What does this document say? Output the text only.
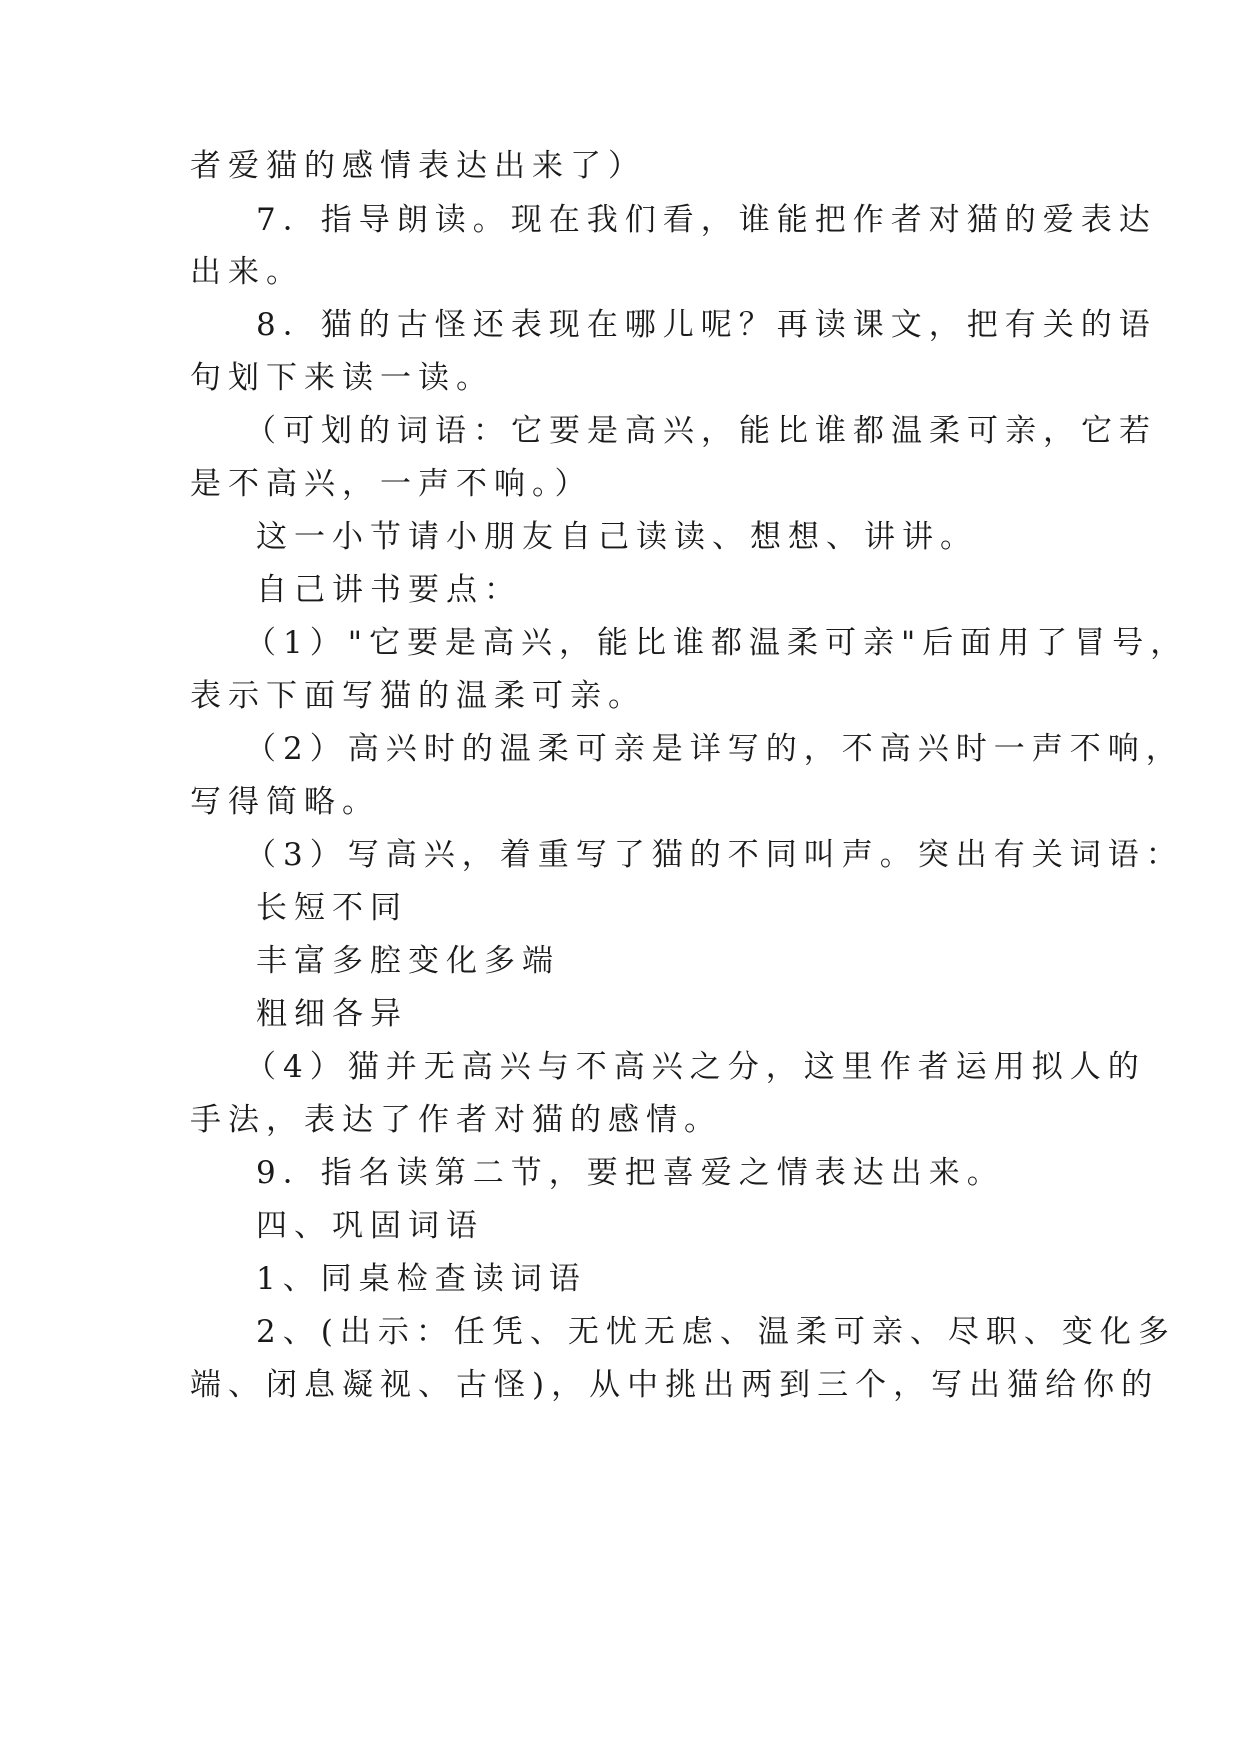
者爱猫的感情表达出来了）
7．指导朗读。现在我们看，谁能把作者对猫的爱表达
出来。
8．猫的古怪还表现在哪儿呢？再读课文，把有关的语
句划下来读一读。
（可划的词语：它要是高兴，能比谁都温柔可亲，它若
是不高兴，一声不响。）
这一小节请小朋友自己读读、想想、讲讲。
自己讲书要点：
（1）"它要是高兴，能比谁都温柔可亲"后面用了冒号，
表示下面写猫的温柔可亲。
（2）高兴时的温柔可亲是详写的，不高兴时一声不响，
写得简略。
（3）写高兴，着重写了猫的不同叫声。突出有关词语：
长短不同
丰富多腔变化多端
粗细各异
（4）猫并无高兴与不高兴之分，这里作者运用拟人的
手法，表达了作者对猫的感情。
9．指名读第二节，要把喜爱之情表达出来。
四、巩固词语
1、同桌检查读词语
2、(出示：任凭、无忧无虑、温柔可亲、尽职、变化多
端、闭息凝视、古怪)，从中挑出两到三个，写出猫给你的
